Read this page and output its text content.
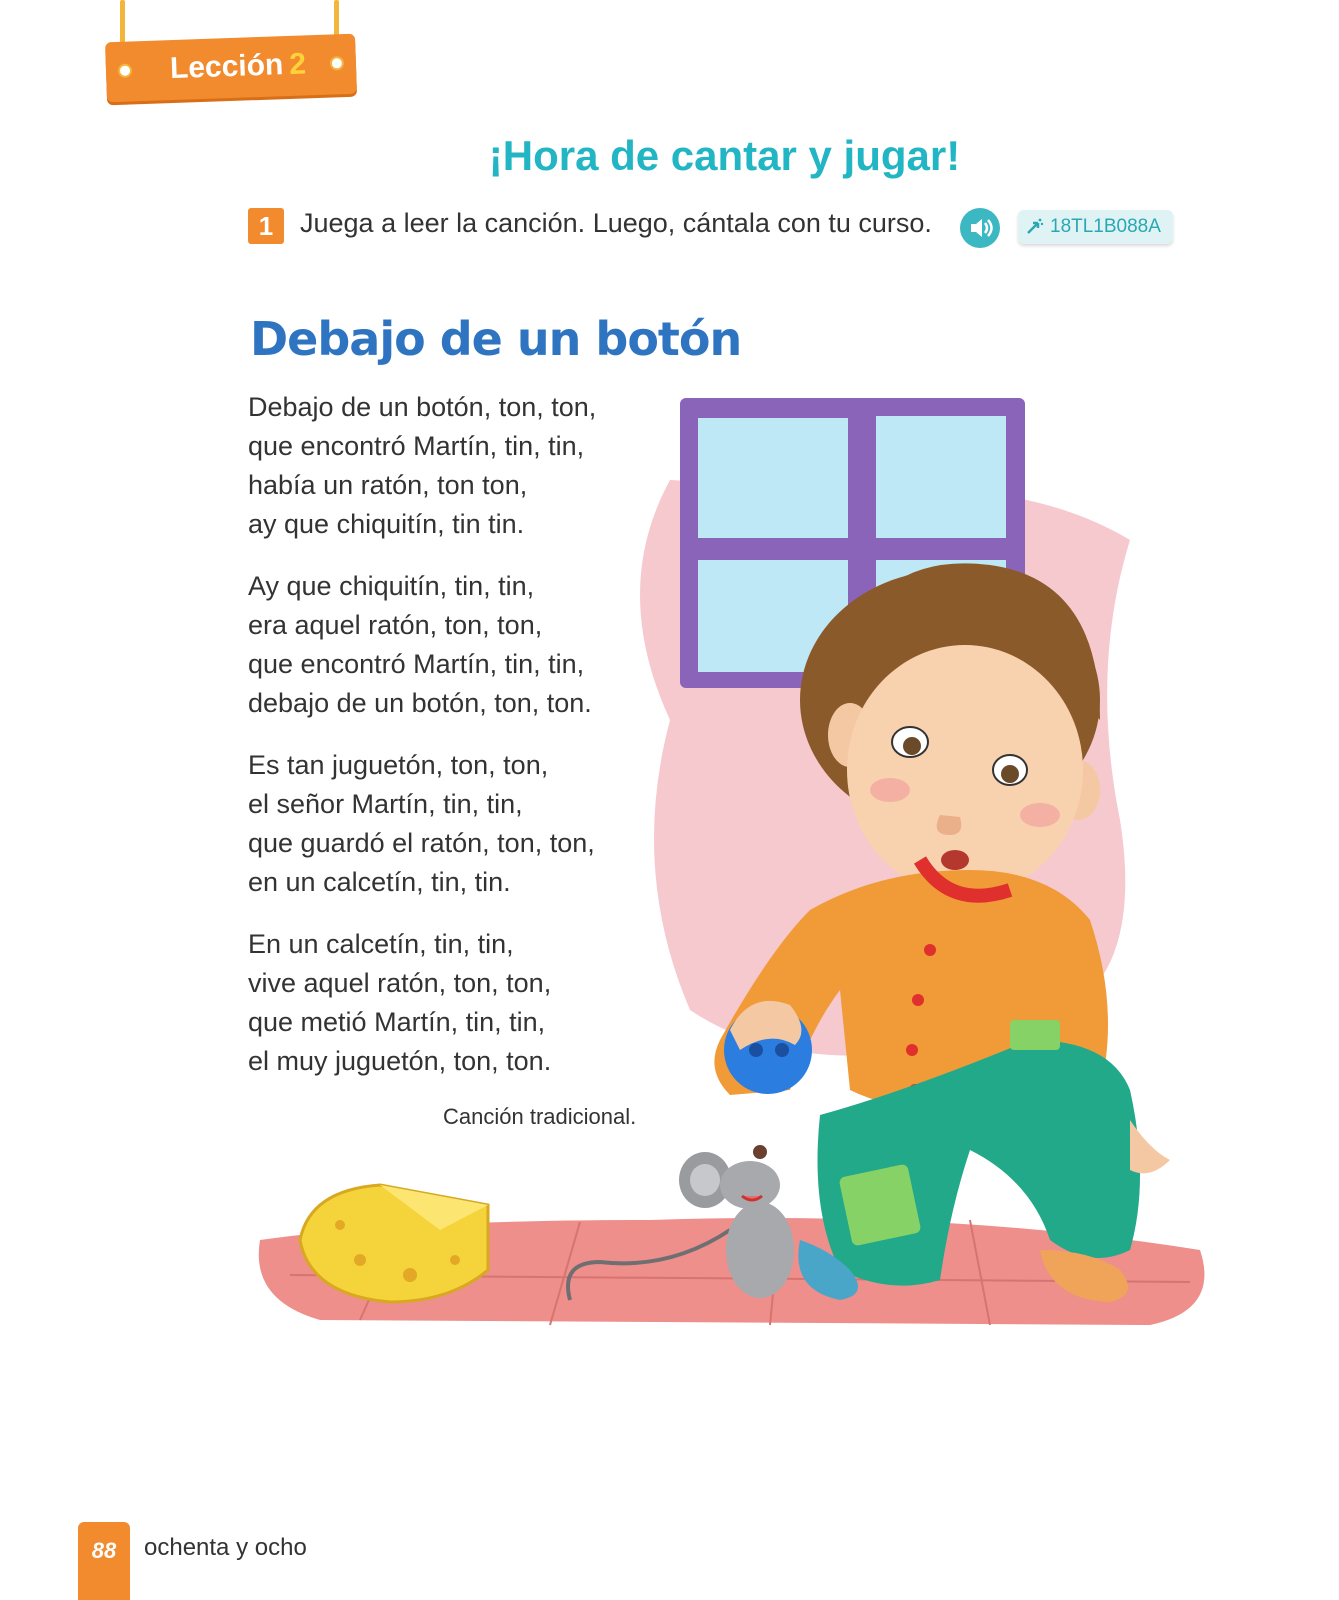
Lección 2
¡Hora de cantar y jugar!
1 Juega a leer la canción. Luego, cántala con tu curso.	18TL1B088A
Debajo de un botón
Debajo de un botón, ton, ton,
que encontró Martín, tin, tin,
había un ratón, ton ton,
ay que chiquitín, tin tin.
Ay que chiquitín, tin, tin,
era aquel ratón, ton, ton,
que encontró Martín, tin, tin,
debajo de un botón, ton, ton.
Es tan juguetón, ton, ton,
el señor Martín, tin, tin,
que guardó el ratón, ton, ton,
en un calcetín, tin, tin.
En un calcetín, tin, tin,
vive aquel ratón, ton, ton,
que metió Martín, tin, tin,
el muy juguetón, ton, ton.
Canción tradicional.
88	ochenta y ocho
